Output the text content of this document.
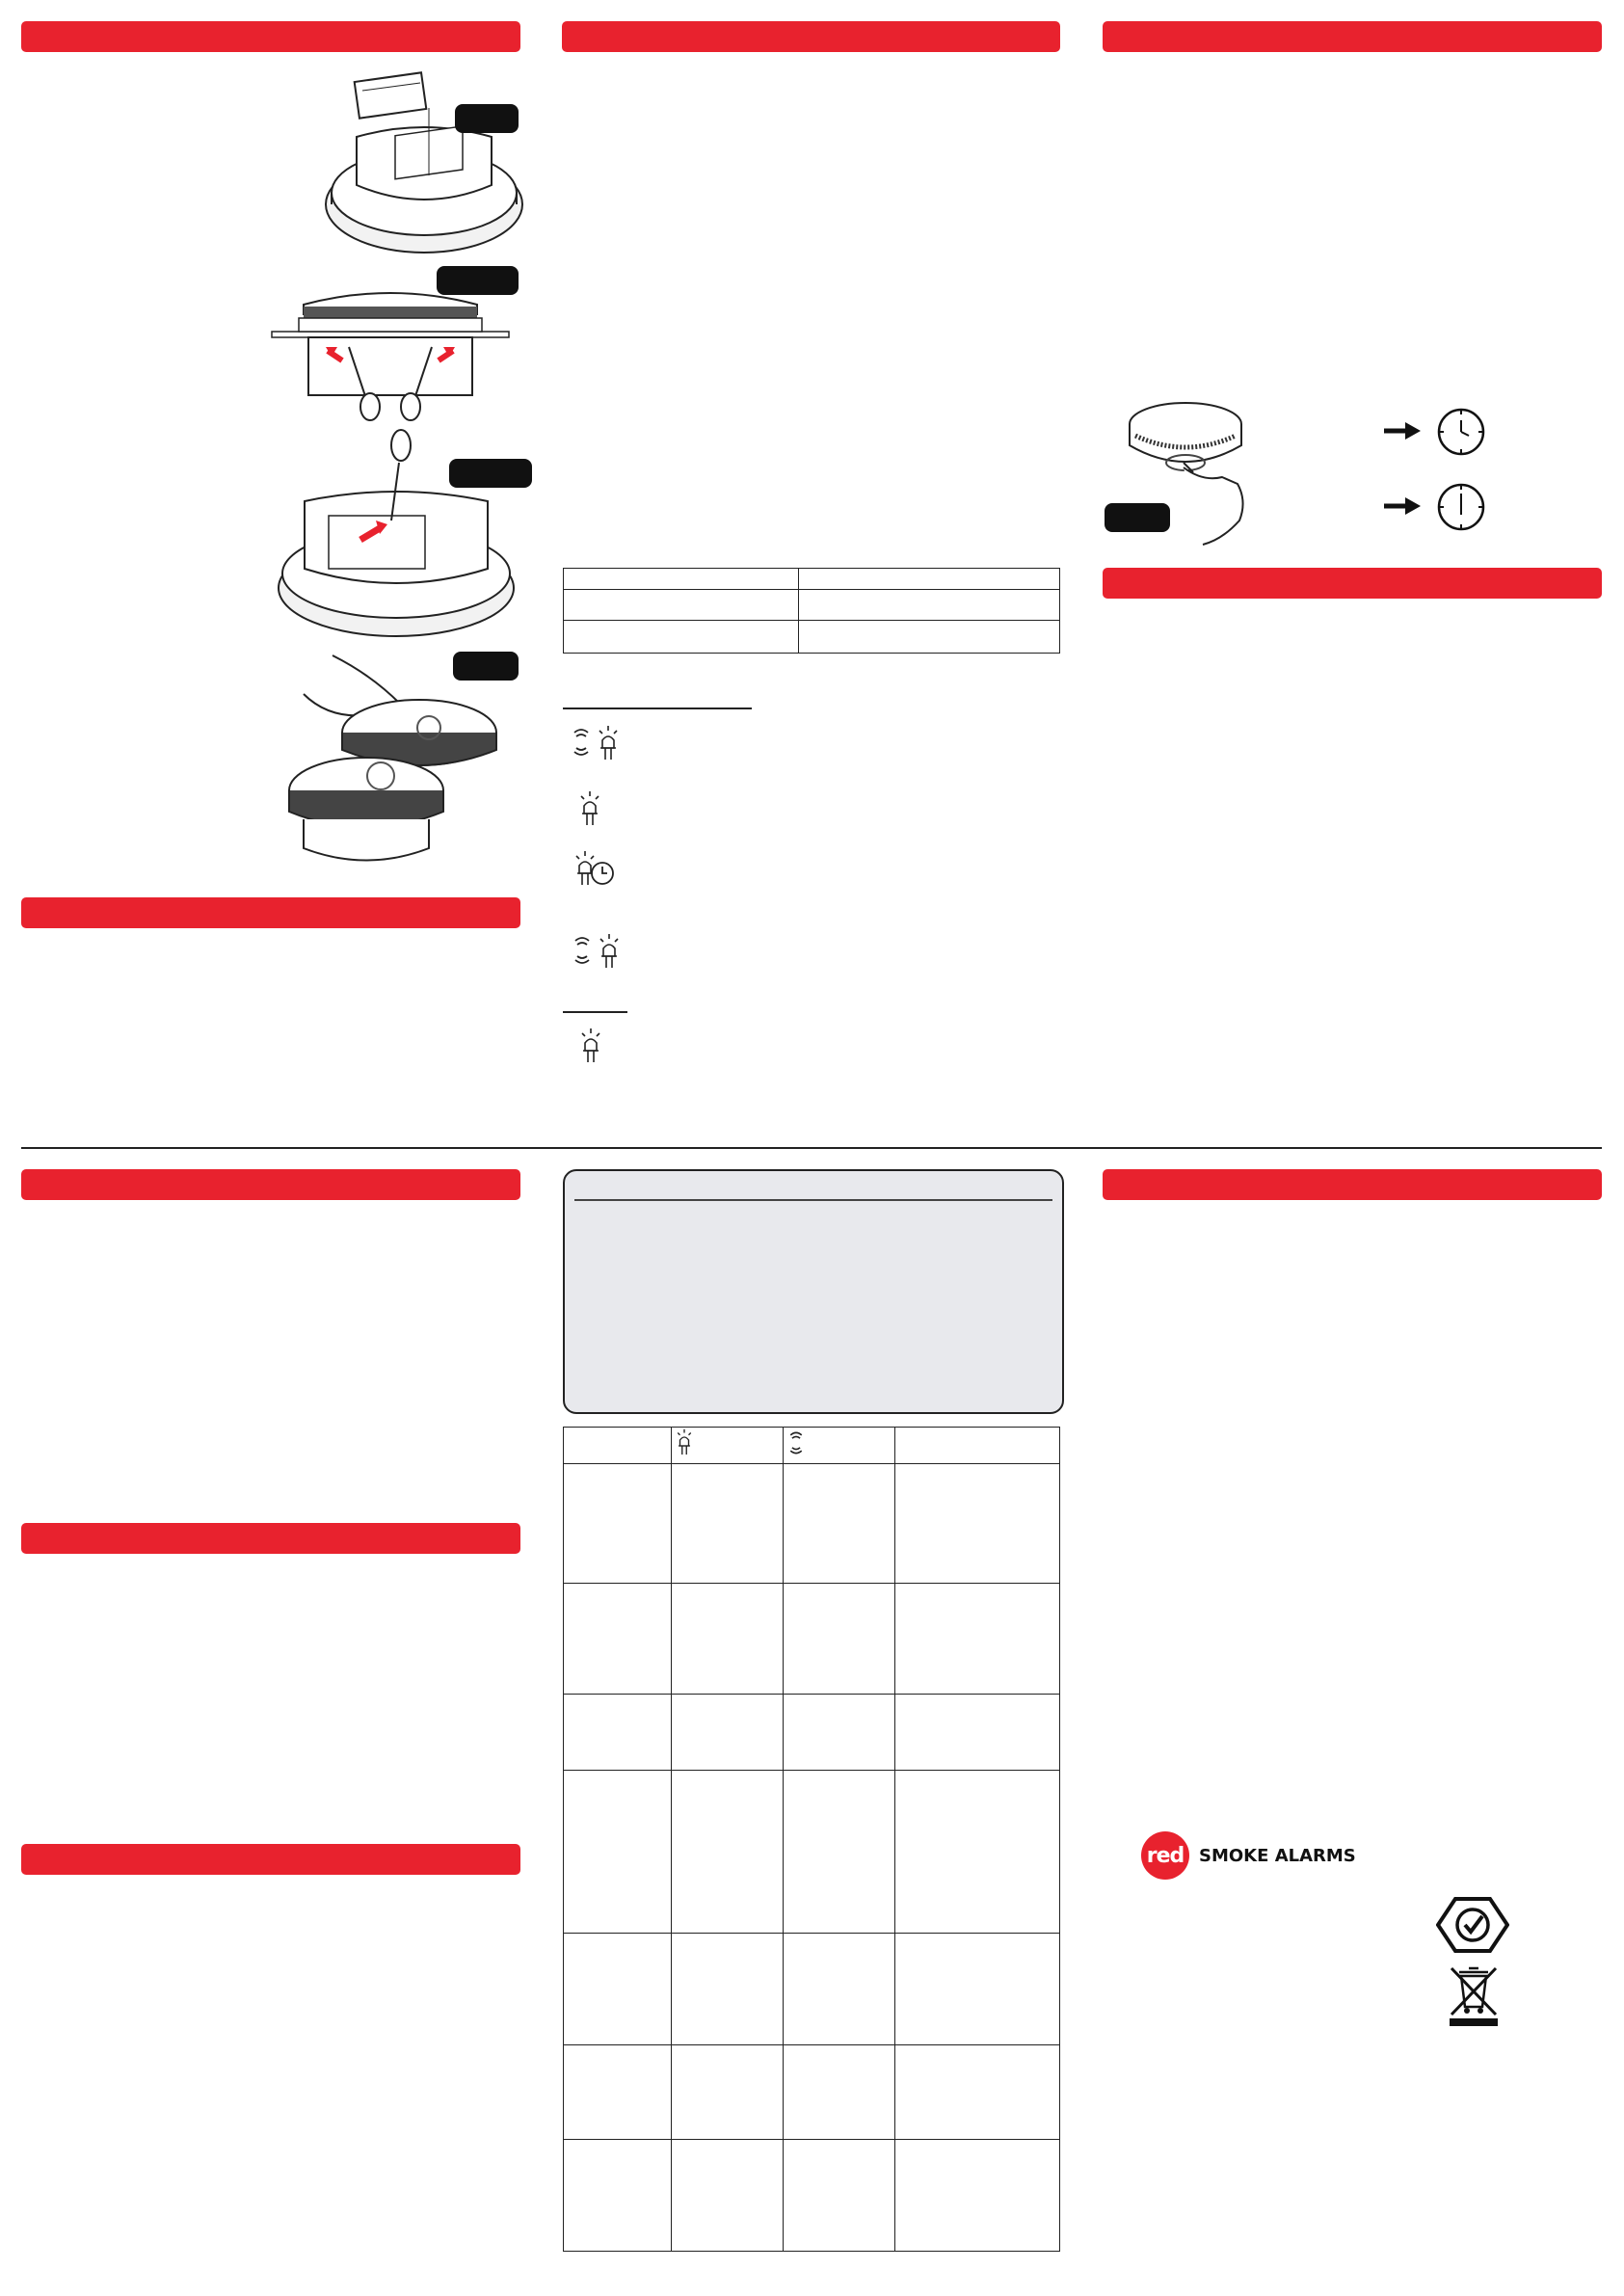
red SMOKE ALARMS
